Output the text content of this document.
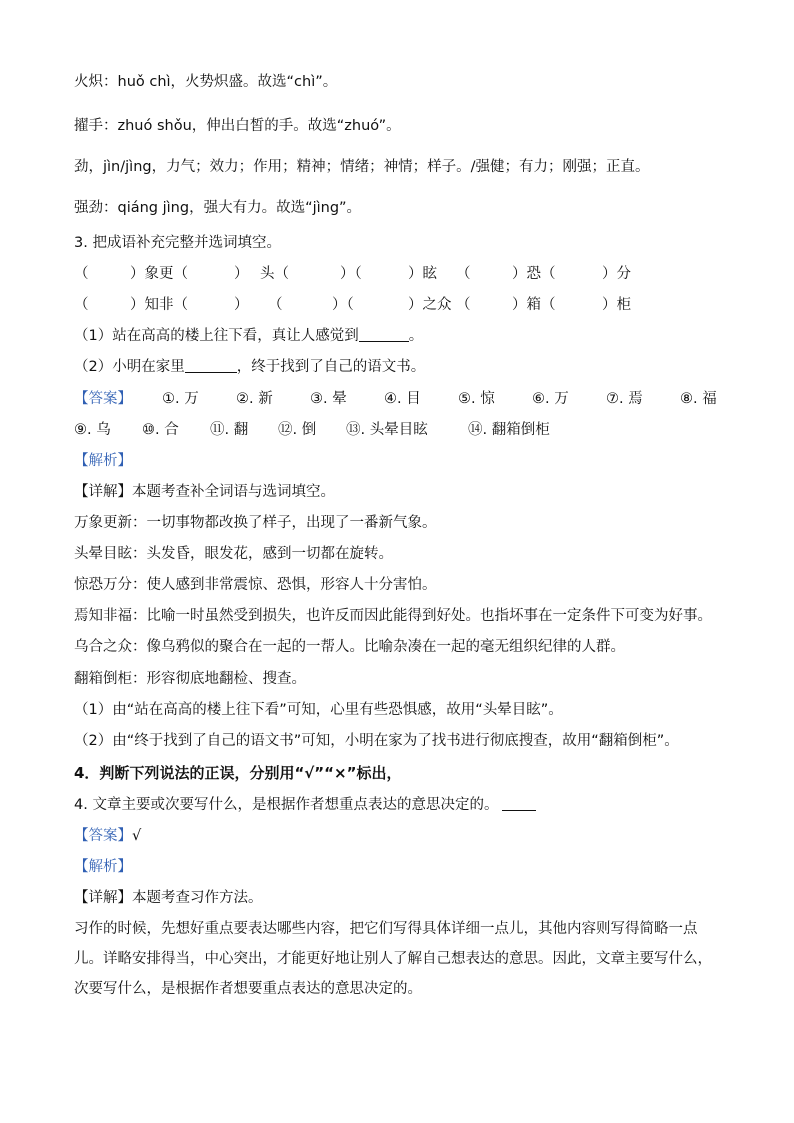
火炽：huǒ chì，火势炽盛。故选“chì”。
擢手：zhuó shǒu，伸出白皙的手。故选“zhuó”。
劲，jìn/jìng，力气；效力；作用；精神；情绪；神情；样子。/强健；有力；刚强；正直。
强劲：qiáng jìng，强大有力。故选“jìng”。
3. 把成语补充完整并选词填空。
（	）象更（	） 头（	）（	）眩 （	）恐（	）分
（	）知非（	） （	）（	）之众 （	）箱（	）柜
（1）站在高高的楼上往下看，真让人感觉到	。
（2）小明在家里	，终于找到了自己的语文书。
【答案】 ①. 万	②. 新	③. 晕	④. 目	⑤. 惊	⑥. 万	⑦. 焉	⑧. 福
⑨. 乌 ⑩. 合 ⑪. 翻 ⑫. 倒 ⑬. 头晕目眩	⑭. 翻箱倒柜
【解析】
【详解】本题考查补全词语与选词填空。
万象更新：一切事物都改换了样子，出现了一番新气象。
头晕目眩：头发昏，眼发花，感到一切都在旋转。
惊恐万分：使人感到非常震惊、恐惧，形容人十分害怕。
焉知非福：比喻一时虽然受到损失，也许反而因此能得到好处。也指坏事在一定条件下可变为好事。
乌合之众：像乌鸦似的聚合在一起的一帮人。比喻杂凑在一起的毫无组织纪律的人群。
翻箱倒柜：形容彻底地翻检、搜查。
（1）由“站在高高的楼上往下看”可知，心里有些恐惧感，故用“头晕目眩”。
（2）由“终于找到了自己的语文书”可知，小明在家为了找书进行彻底搜查，故用“翻箱倒柜”。
4．判断下列说法的正误，分别用“√”“×”标出，
4. 文章主要或次要写什么，是根据作者想重点表达的意思决定的。
【答案】√
【解析】
【详解】本题考查习作方法。
习作的时候，先想好重点要表达哪些内容，把它们写得具体详细一点儿，其他内容则写得简略一点儿。详略安排得当，中心突出，才能更好地让别人了解自己想表达的意思。因此，文章主要写什么，次要写什么，是根据作者想要重点表达的意思决定的。
